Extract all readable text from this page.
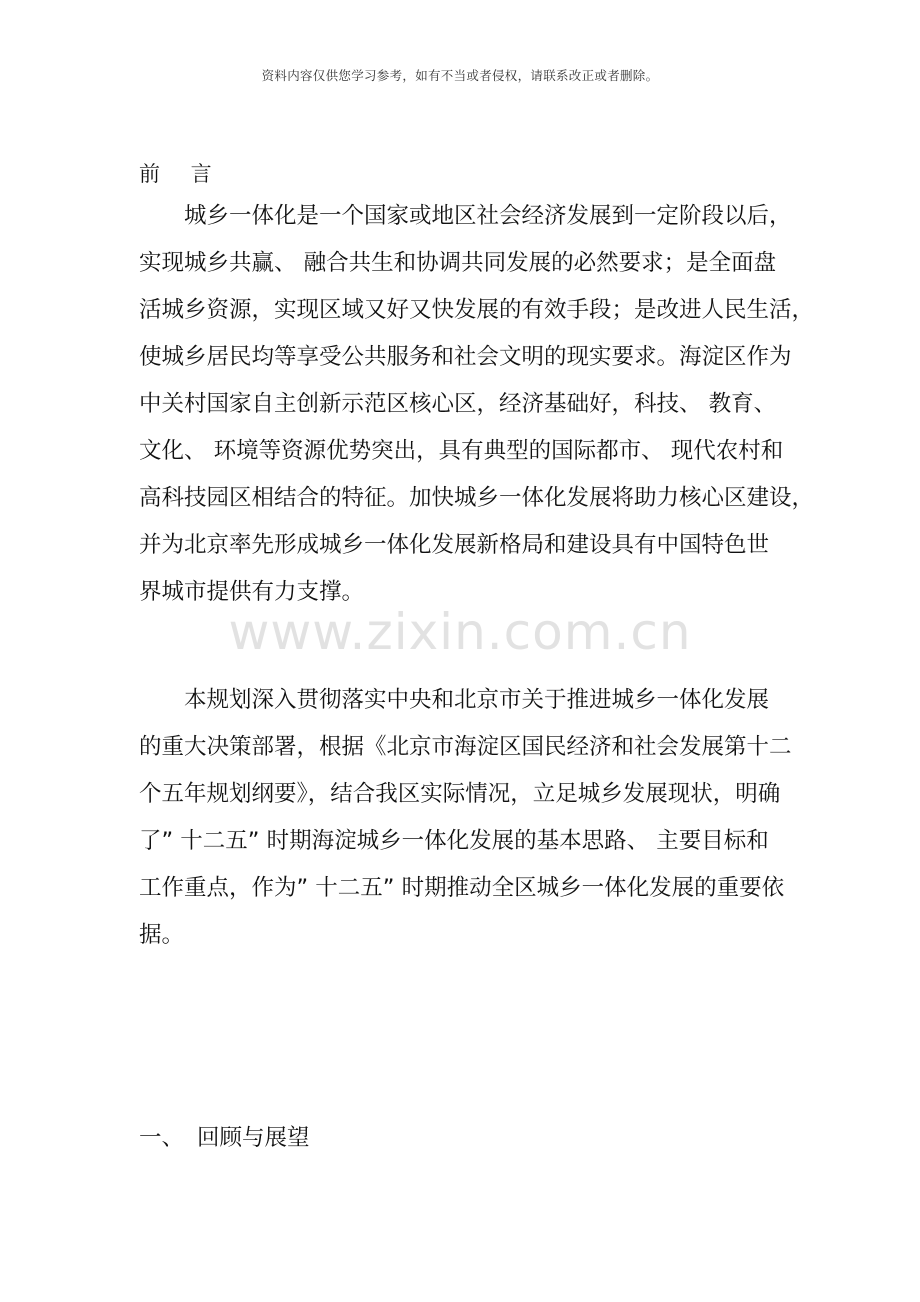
资料内容仅供您学习参考，如有不当或者侵权，请联系改正或者删除。
前 言

城乡一体化是一个国家或地区社会经济发展到一定阶段以后，
实现城乡共赢、 融合共生和协调共同发展的必然要求；是全面盘
活城乡资源，实现区域又好又快发展的有效手段；是改进人民生活，
使城乡居民均等享受公共服务和社会文明的现实要求。海淀区作为
中关村国家自主创新示范区核心区，经济基础好，科技、 教育、
文化、 环境等资源优势突出，具有典型的国际都市、 现代农村和
高科技园区相结合的特征。加快城乡一体化发展将助力核心区建设，
并为北京率先形成城乡一体化发展新格局和建设具有中国特色世
界城市提供有力支撑。

www.zixin.com.cn

本规划深入贯彻落实中央和北京市关于推进城乡一体化发展
的重大决策部署，根据《北京市海淀区国民经济和社会发展第十二
个五年规划纲要》，结合我区实际情况，立足城乡发展现状，明确
了” 十二五” 时期海淀城乡一体化发展的基本思路、 主要目标和
工作重点，作为” 十二五” 时期推动全区城乡一体化发展的重要依
据。

一、 回顾与展望
